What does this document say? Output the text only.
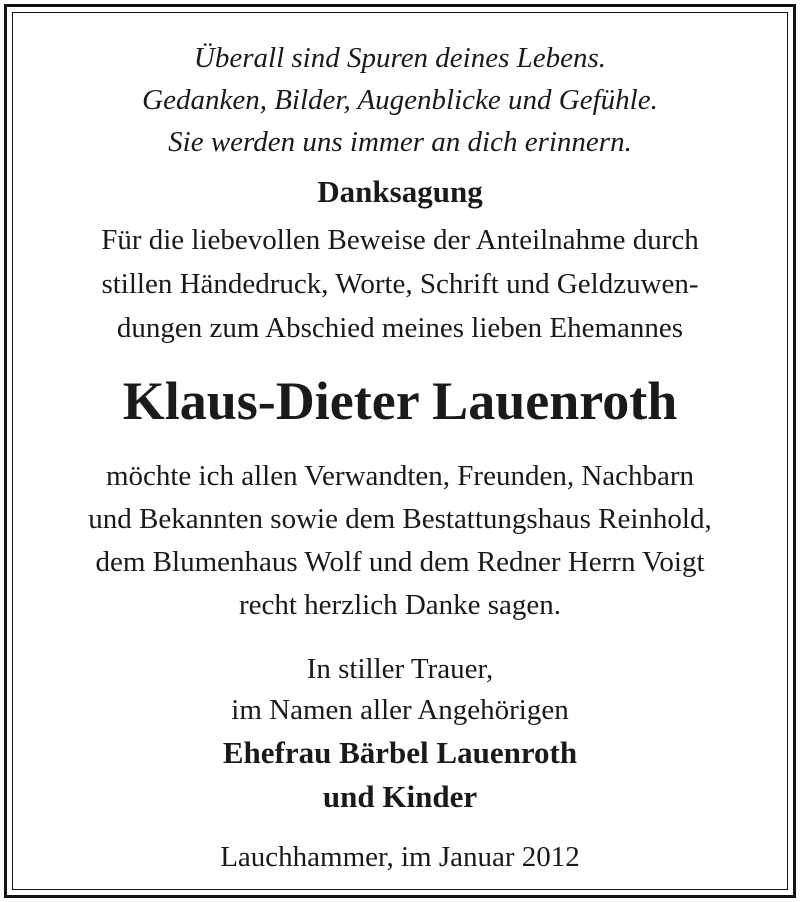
Überall sind Spuren deines Lebens.
Gedanken, Bilder, Augenblicke und Gefühle.
Sie werden uns immer an dich erinnern.
Danksagung
Für die liebevollen Beweise der Anteilnahme durch
stillen Händedruck, Worte, Schrift und Geldzuwen-
dungen zum Abschied meines lieben Ehemannes
Klaus-Dieter Lauenroth
möchte ich allen Verwandten, Freunden, Nachbarn
und Bekannten sowie dem Bestattungshaus Reinhold,
dem Blumenhaus Wolf und dem Redner Herrn Voigt
recht herzlich Danke sagen.
In stiller Trauer,
im Namen aller Angehörigen
Ehefrau Bärbel Lauenroth
und Kinder
Lauchhammer, im Januar 2012
